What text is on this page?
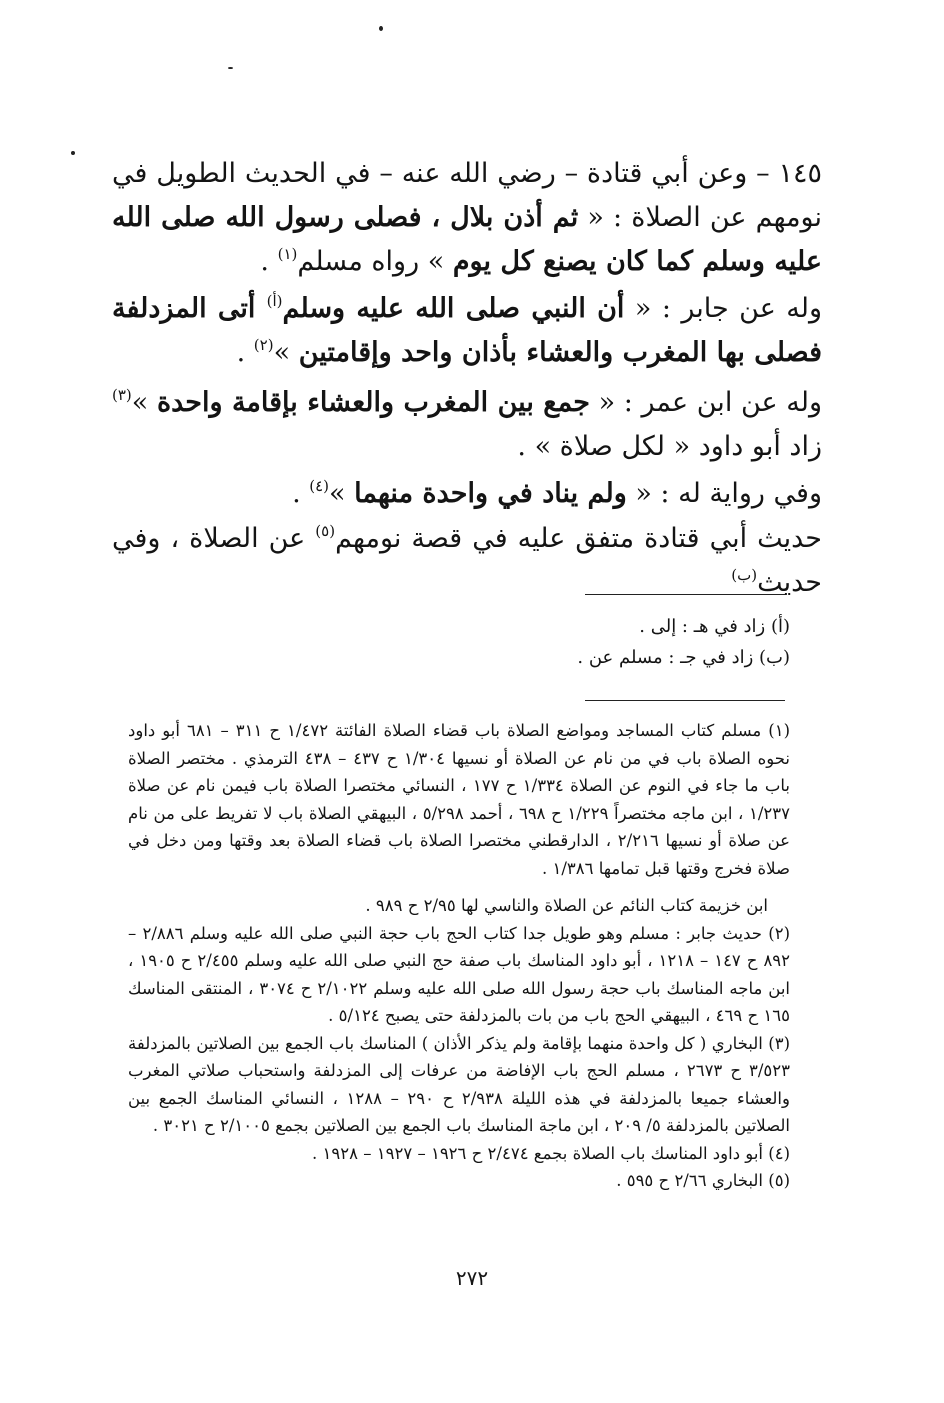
١٤٥ – وعن أبي قتادة – رضي الله عنه – في الحديث الطويل في نومهم عن الصلاة : « ثم أذن بلال ، فصلى رسول الله صلى الله عليه وسلم كما كان يصنع كل يوم » رواه مسلم$^{(١)}$ .

وله عن جابر : « أن النبي صلى الله عليه وسلم$^{(أ)}$ أتى المزدلفة فصلى بها المغرب والعشاء بأذان واحد وإقامتين »$^{(٢)}$ .

وله عن ابن عمر : « جمع بين المغرب والعشاء بإقامة واحدة »$^{(٣)}$ زاد أبو داود « لكل صلاة » .

وفي رواية له : « ولم يناد في واحدة منهما »$^{(٤)}$ .

حديث أبي قتادة متفق عليه في قصة نومهم$^{(٥)}$ عن الصلاة ، وفي حديث$^{(ب)}$

(أ) زاد في هـ : إلى .

(ب) زاد في جـ : مسلم عن .

(١) مسلم كتاب المساجد ومواضع الصلاة باب قضاء الصلاة الفائتة ١/٤٧٢ ح ٣١١ – ٦٨١ أبو داود نحوه الصلاة باب في من نام عن الصلاة أو نسيها ١/٣٠٤ ح ٤٣٧ – ٤٣٨ الترمذي . مختصر الصلاة باب ما جاء في النوم عن الصلاة ١/٣٣٤ ح ١٧٧ ، النسائي مختصرا الصلاة باب فيمن نام عن صلاة ١/٢٣٧ ، ابن ماجه مختصراً ١/٢٢٩ ح ٦٩٨ ، أحمد ٥/٢٩٨ ، البيهقي الصلاة باب لا تفريط على من نام عن صلاة أو نسيها ٢/٢١٦ ، الدارقطني مختصرا الصلاة باب قضاء الصلاة بعد وقتها ومن دخل في صلاة فخرج وقتها قبل تمامها ١/٣٨٦ .

ابن خزيمة كتاب النائم عن الصلاة والناسي لها ٢/٩٥ ح ٩٨٩ .

(٢) حديث جابر : مسلم وهو طويل جدا كتاب الحج باب حجة النبي صلى الله عليه وسلم ٢/٨٨٦ – ٨٩٢ ح ١٤٧ – ١٢١٨ ، أبو داود المناسك باب صفة حج النبي صلى الله عليه وسلم ٢/٤٥٥ ح ١٩٠٥ ، ابن ماجه المناسك باب حجة رسول الله صلى الله عليه وسلم ٢/١٠٢٢ ح ٣٠٧٤ ، المنتقى المناسك ١٦٥ ح ٤٦٩ ، البيهقي الحج باب من بات بالمزدلفة حتى يصبح ٥/١٢٤ .

(٣) البخاري ( كل واحدة منهما بإقامة ولم يذكر الأذان ) المناسك باب الجمع بين الصلاتين بالمزدلفة ٣/٥٢٣ ح ٢٦٧٣ ، مسلم الحج باب الإفاضة من عرفات إلى المزدلفة واستحباب صلاتي المغرب والعشاء جميعا بالمزدلفة في هذه الليلة ٢/٩٣٨ ح ٢٩٠ – ١٢٨٨ ، النسائي المناسك الجمع بين الصلاتين بالمزدلفة ٥/ ٢٠٩ ، ابن ماجة المناسك باب الجمع بين الصلاتين بجمع ٢/١٠٠٥ ح ٣٠٢١ .

(٤) أبو داود المناسك باب الصلاة بجمع ٢/٤٧٤ ح ١٩٢٦ – ١٩٢٧ – ١٩٢٨ .

(٥) البخاري ٢/٦٦ ح ٥٩٥ .

٢٧٢
